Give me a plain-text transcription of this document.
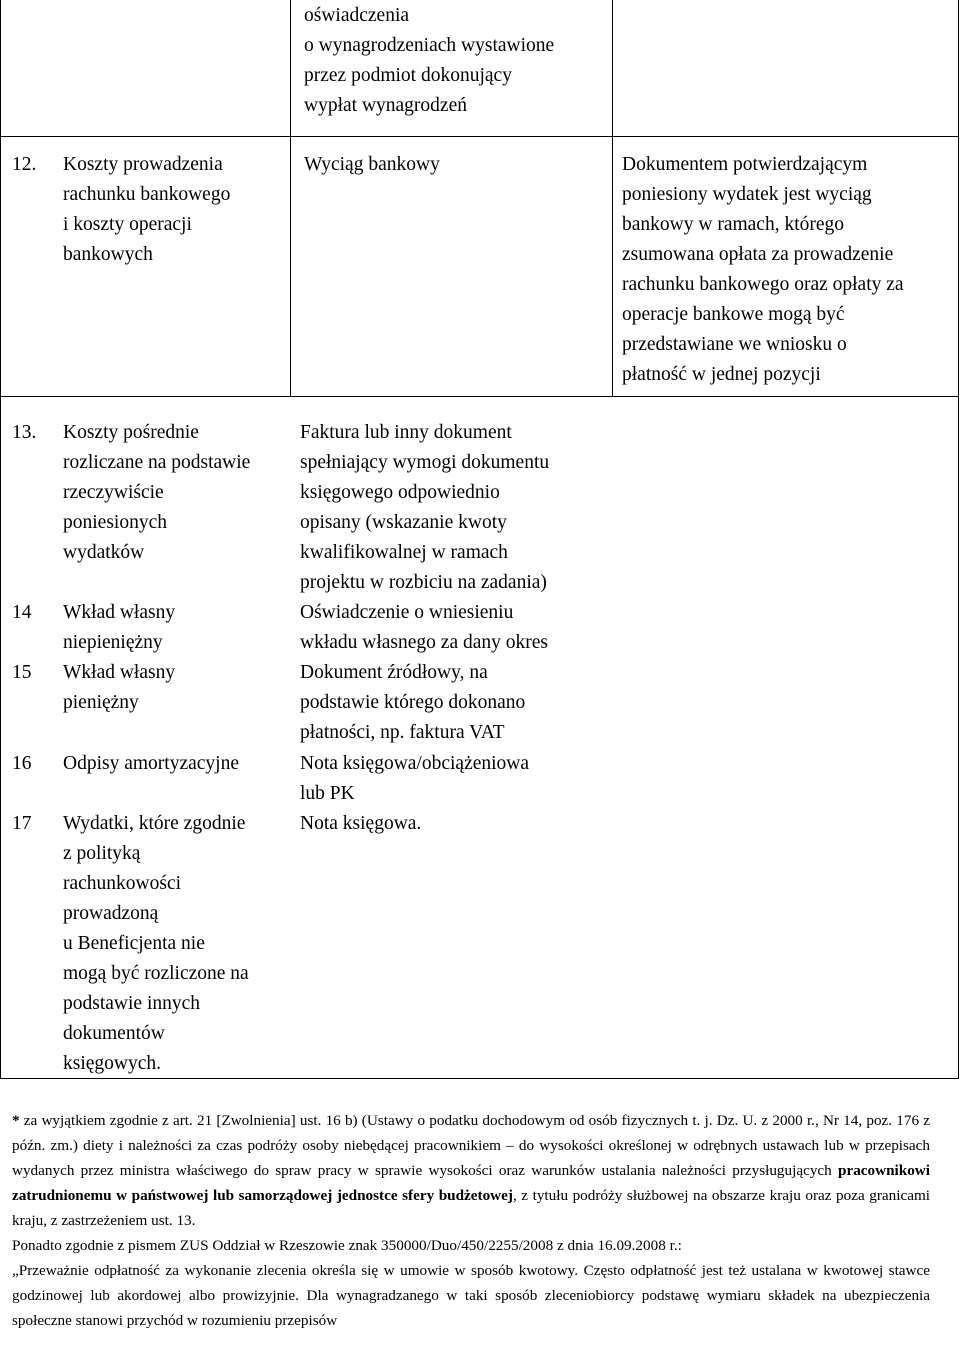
oświadczenia
o wynagrodzeniach wystawione
przez podmiot dokonujący
wypłat wynagrodzeń
12. Koszty prowadzenia
rachunku bankowego
i koszty operacji
bankowych
Wyciąg bankowy	Dokumentem potwierdzającym
poniesiony wydatek jest wyciąg
bankowy w ramach, którego
zsumowana opłata za prowadzenie
rachunku bankowego oraz opłaty za
operacje bankowe mogą być
przedstawiane we wniosku o
płatność w jednej pozycji
13. Koszty pośrednie
rozliczane na podstawie
rzeczywiście
poniesionych
wydatków
Faktura lub inny dokument
spełniający wymogi dokumentu
księgowego odpowiednio
opisany (wskazanie kwoty
kwalifikowalnej w ramach
projektu w rozbiciu na zadania)
14 Wkład własny
niepieniężny
Oświadczenie o wniesieniu
wkładu własnego za dany okres
15 Wkład własny
pieniężny
Dokument źródłowy, na
podstawie którego dokonano
płatności, np. faktura VAT
16 Odpisy amortyzacyjne	Nota księgowa/obciążeniowa
lub PK
17 Wydatki, które zgodnie
z polityką
rachunkowości
prowadzoną
u Beneficjenta nie
mogą być rozliczone na
podstawie innych
dokumentów
księgowych.
Nota księgowa.

* za wyjątkiem zgodnie z art. 21 [Zwolnienia] ust. 16 b) (Ustawy o podatku dochodowym od osób fizycznych t. j. Dz. U. z 2000 r., Nr 14, poz. 176 z późn. zm.) diety i należności za czas podróży osoby niebędącej pracownikiem – do wysokości określonej w odrębnych ustawach lub w przepisach wydanych przez ministra właściwego do spraw pracy w sprawie wysokości oraz warunków ustalania należności przysługujących pracownikowi zatrudnionemu w państwowej lub samorządowej jednostce sfery budżetowej, z tytułu podróży służbowej na obszarze kraju oraz poza granicami kraju, z zastrzeżeniem ust. 13.

Ponadto zgodnie z pismem ZUS Oddział w Rzeszowie znak 350000/Duo/450/2255/2008 z dnia 16.09.2008 r.:

„Przeważnie odpłatność za wykonanie zlecenia określa się w umowie w sposób kwotowy. Często odpłatność jest też ustalana w kwotowej stawce godzinowej lub akordowej albo prowizyjnie. Dla wynagradzanego w taki sposób zleceniobiorcy podstawę wymiaru składek na ubezpieczenia społeczne stanowi przychód w rozumieniu przepisów
